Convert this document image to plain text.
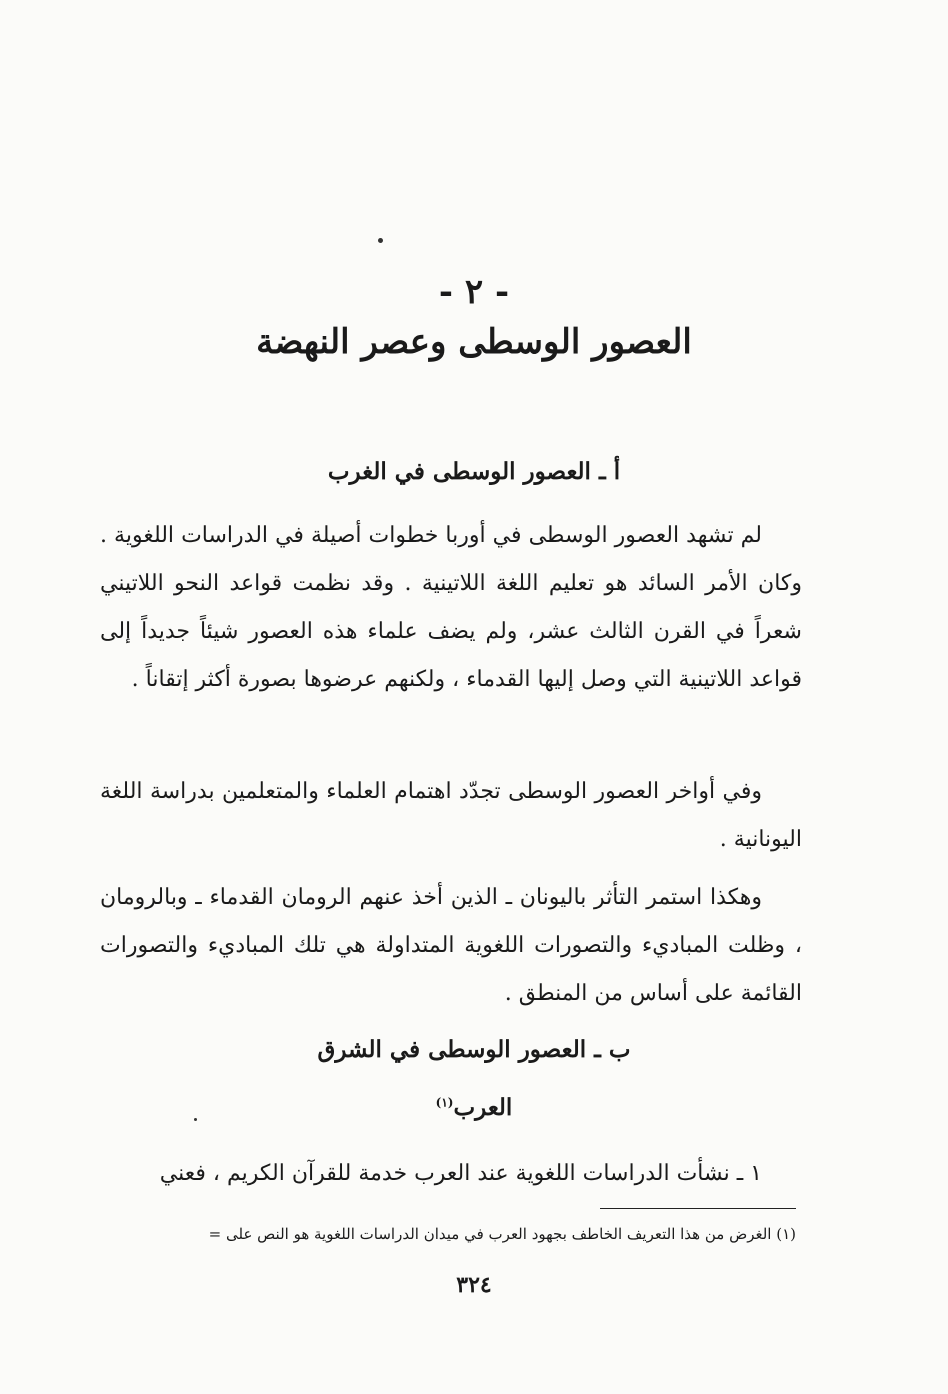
- ٢ -
العصور الوسطى وعصر النهضة
أ ـ العصور الوسطى في الغرب

لم تشهد العصور الوسطى في أوربا خطوات أصيلة في الدراسات اللغوية . وكان الأمر السائد هو تعليم اللغة اللاتينية . وقد نظمت قواعد النحو اللاتيني شعراً في القرن الثالث عشر، ولم يضف علماء هذه العصور شيئاً جديداً إلى قواعد اللاتينية التي وصل إليها القدماء ، ولكنهم عرضوها بصورة أكثر إتقاناً .

وفي أواخر العصور الوسطى تجدّد اهتمام العلماء والمتعلمين بدراسة اللغة اليونانية .

وهكذا استمر التأثر باليونان ـ الذين أخذ عنهم الرومان القدماء ـ وبالرومان ، وظلت المباديء والتصورات اللغوية المتداولة هي تلك المباديء والتصورات القائمة على أساس من المنطق .

ب ـ العصور الوسطى في الشرق
العرب$^{(١)}$

١ ـ نشأت الدراسات اللغوية عند العرب خدمة للقرآن الكريم ، فعني

(١) الغرض من هذا التعريف الخاطف بجهود العرب في ميدان الدراسات اللغوية هو النص على =
٣٢٤
